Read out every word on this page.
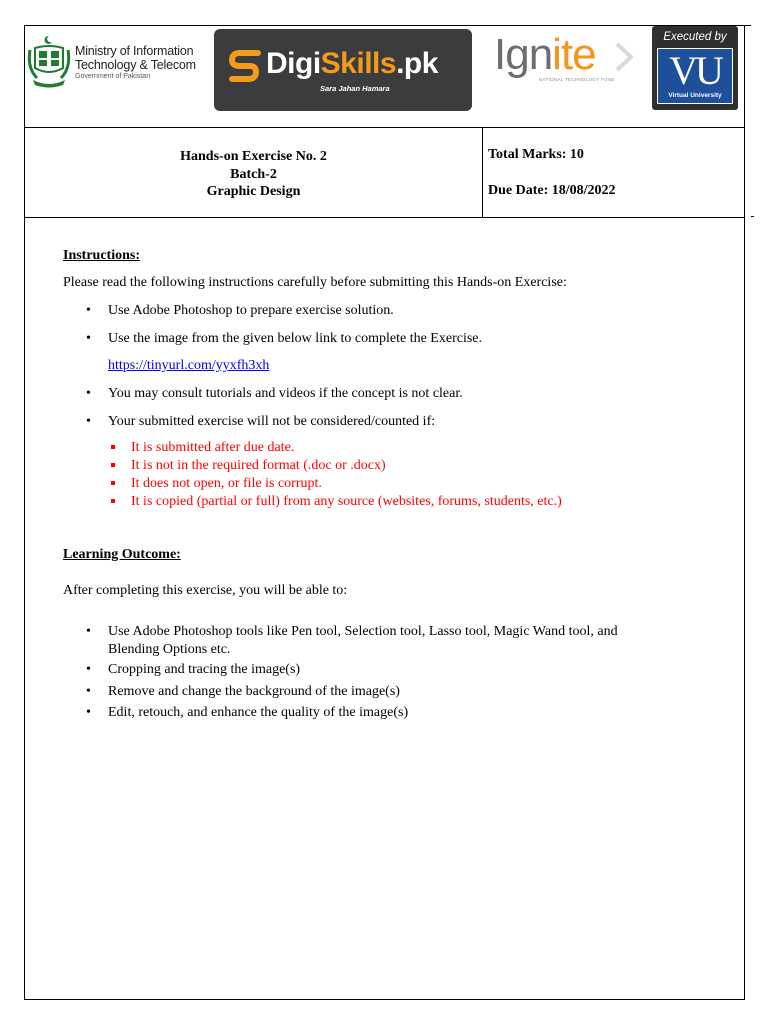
Ministry of Information
Technology & Telecom
Government of Pakistan	DigiSkills.pk
Sara Jahan Hamara
Ignite
NATIONAL TECHNOLOGY FUND
Executed by
VU
Virtual University
Hands-on Exercise No. 2
Batch-2
Graphic Design
Total Marks: 10
Due Date: 18/08/2022
Instructions:
Please read the following instructions carefully before submitting this Hands-on Exercise:
• Use Adobe Photoshop to prepare exercise solution.
• Use the image from the given below link to complete the Exercise.
https://tinyurl.com/yyxfh3xh
• You may consult tutorials and videos if the concept is not clear.
• Your submitted exercise will not be considered/counted if:
It is submitted after due date.
It is not in the required format (.doc or .docx)
It does not open, or file is corrupt.
It is copied (partial or full) from any source (websites, forums, students, etc.)
Learning Outcome:
After completing this exercise, you will be able to:
• Use Adobe Photoshop tools like Pen tool, Selection tool, Lasso tool, Magic Wand tool, and
Blending Options etc.
• Cropping and tracing the image(s)
• Remove and change the background of the image(s)
• Edit, retouch, and enhance the quality of the image(s)
